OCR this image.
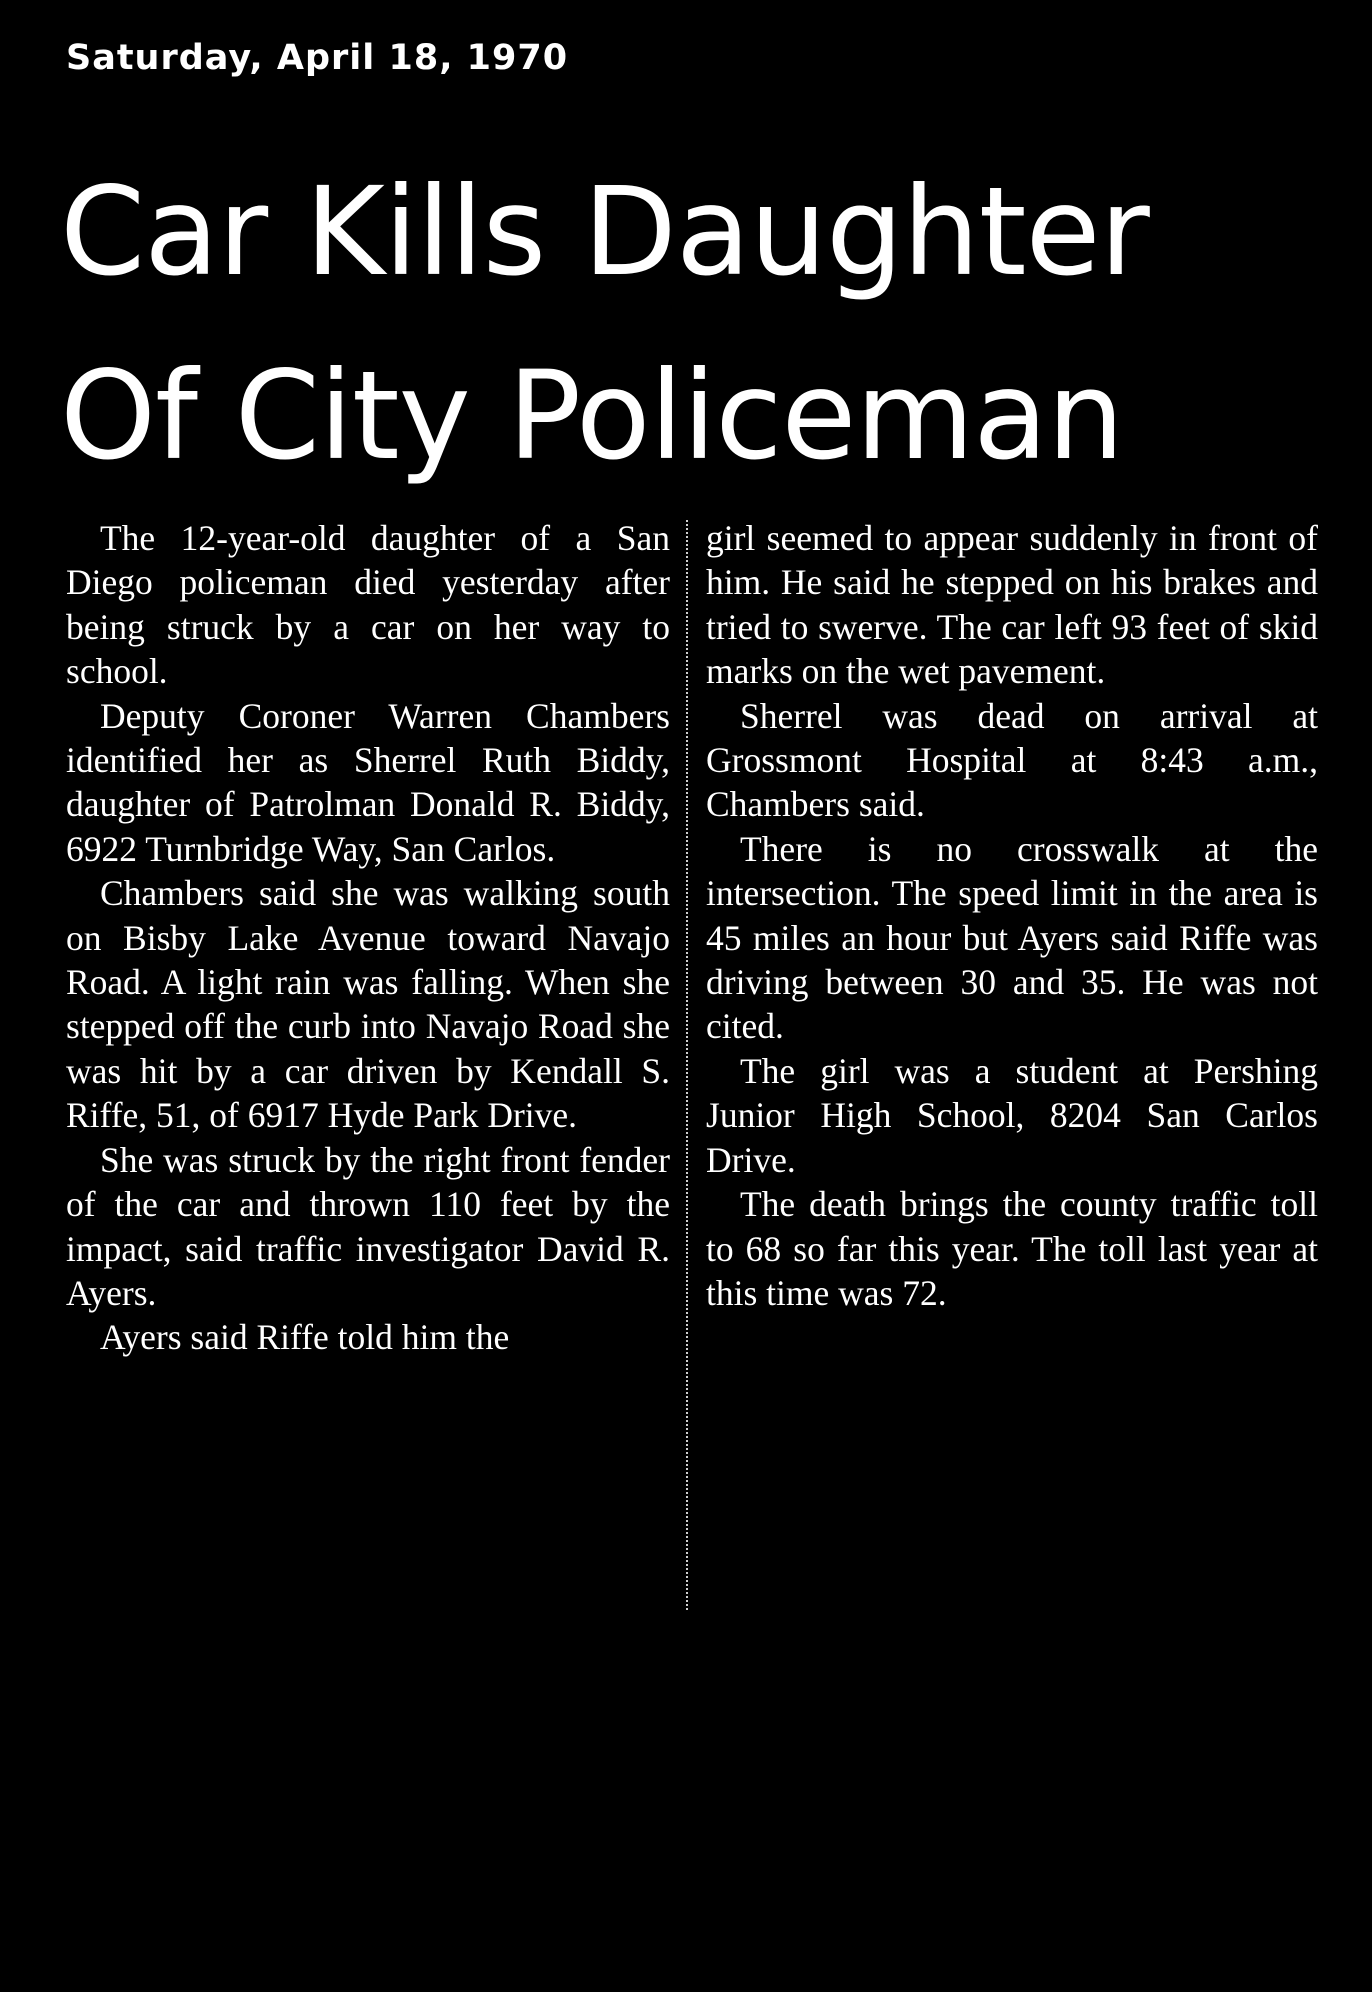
Saturday, April 18, 1970
Car Kills Daughter
Of City Policeman

The 12-year-old daughter of a San Diego policeman died yesterday after being struck by a car on her way to school.

Deputy Coroner Warren Chambers identified her as Sherrel Ruth Biddy, daughter of Patrolman Donald R. Biddy, 6922 Turnbridge Way, San Carlos.

Chambers said she was walking south on Bisby Lake Avenue toward Navajo Road. A light rain was falling. When she stepped off the curb into Navajo Road she was hit by a car driven by Kendall S. Riffe, 51, of 6917 Hyde Park Drive.

She was struck by the right front fender of the car and thrown 110 feet by the impact, said traffic investigator David R. Ayers.

Ayers said Riffe told him the

girl seemed to appear suddenly in front of him. He said he stepped on his brakes and tried to swerve. The car left 93 feet of skid marks on the wet pavement.

Sherrel was dead on arrival at Grossmont Hospital at 8:43 a.m., Chambers said.

There is no crosswalk at the intersection. The speed limit in the area is 45 miles an hour but Ayers said Riffe was driving between 30 and 35. He was not cited.

The girl was a student at Pershing Junior High School, 8204 San Carlos Drive.

The death brings the county traffic toll to 68 so far this year. The toll last year at this time was 72.
